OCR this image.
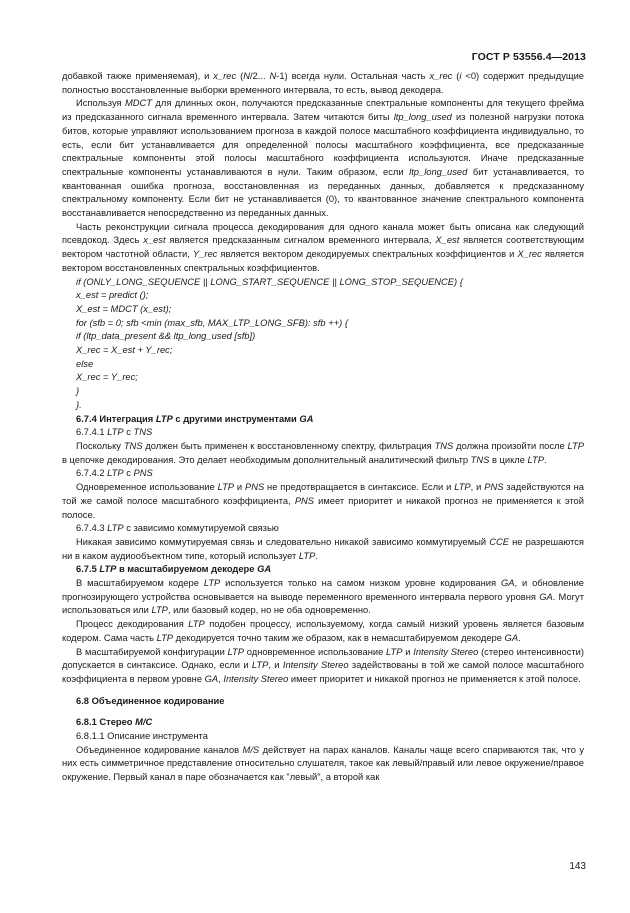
ГОСТ Р 53556.4—2013

добавкой также применяемая), и x_rec (N/2... N-1) всегда нули. Остальная часть x_rec (i <0) содержит предыдущие полностью восстановленные выборки временного интервала, то есть, вывод декодера.

Используя MDCT для длинных окон, получаются предсказанные спектральные компоненты для текущего фрейма из предсказанного сигнала временного интервала. Затем читаются биты ltp_long_used из полезной нагрузки потока битов, которые управляют использованием прогноза в каждой полосе масштабного коэффициента индивидуально, то есть, если бит устанавливается для определенной полосы масштабного коэффициента, все предсказанные спектральные компоненты этой полосы масштабного коэффициента используются. Иначе предсказанные спектральные компоненты устанавливаются в нули. Таким образом, если ltp_long_used бит устанавливается, то квантованная ошибка прогноза, восстановленная из переданных данных, добавляется к предсказанному спектральному компоненту. Если бит не устанавливается (0), то квантованное значение спектрального компонента восстанавливается непосредственно из переданных данных.

Часть реконструкции сигнала процесса декодирования для одного канала может быть описана как следующий псевдокод. Здесь x_est является предсказанным сигналом временного интервала, X_est является соответствующим вектором частотной области, Y_rec является вектором декодируемых спектральных коэффициентов и X_rec является вектором восстановленных спектральных коэффициентов.

if (ONLY_LONG_SEQUENCE || LONG_START_SEQUENCE || LONG_STOP_SEQUENCE) {

x_est = predict ();

X_est = MDCT (x_est);

for (sfb = 0; sfb <min (max_sfb, MAX_LTP_LONG_SFB): sfb ++) {

if (ltp_data_present && ltp_long_used [sfb])

X_rec = X_est + Y_rec;

else

X_rec = Y_rec;

}

}.

6.7.4 Интеграция LTP с другими инструментами GA

6.7.4.1 LTP с TNS

Поскольку TNS должен быть применен к восстановленному спектру, фильтрация TNS должна произойти после LTP в цепочке декодирования. Это делает необходимым дополнительный аналитический фильтр TNS в цикле LTP.

6.7.4.2 LTP с PNS

Одновременное использование LTP и PNS не предотвращается в синтаксисе. Если и LTP, и PNS задействуются на той же самой полосе масштабного коэффициента, PNS имеет приоритет и никакой прогноз не применяется к этой полосе.

6.7.4.3 LTP с зависимо коммутируемой связью

Никакая зависимо коммутируемая связь и следовательно никакой зависимо коммутируемый CCE не разрешаются ни в каком аудиообъектном типе, который использует LTP.

6.7.5 LTP в масштабируемом декодере GA

В масштабируемом кодере LTP используется только на самом низком уровне кодирования GA, и обновление прогнозирующего устройства основывается на выводе переменного временного интервала первого уровня GA. Могут использоваться или LTP, или базовый кодер, но не оба одновременно.

Процесс декодирования LTP подобен процессу, используемому, когда самый низкий уровень является базовым кодером. Сама часть LTP декодируется точно таким же образом, как в немасштабируемом декодере GA.

В масштабируемой конфигурации LTP одновременное использование LTP и Intensity Stereo (стерео интенсивности) допускается в синтаксисе. Однако, если и LTP, и Intensity Stereo задействованы в той же самой полосе масштабного коэффициента в первом уровне GA, Intensity Stereo имеет приоритет и никакой прогноз не применяется к этой полосе.

6.8 Объединенное кодирование

6.8.1 Стерео M/C

6.8.1.1 Описание инструмента

Объединенное кодирование каналов M/S действует на парах каналов. Каналы чаще всего спариваются так, что у них есть симметричное представление относительно слушателя, такое как левый/правый или левое окружение/правое окружение. Первый канал в паре обозначается как "левый", а второй как

143
